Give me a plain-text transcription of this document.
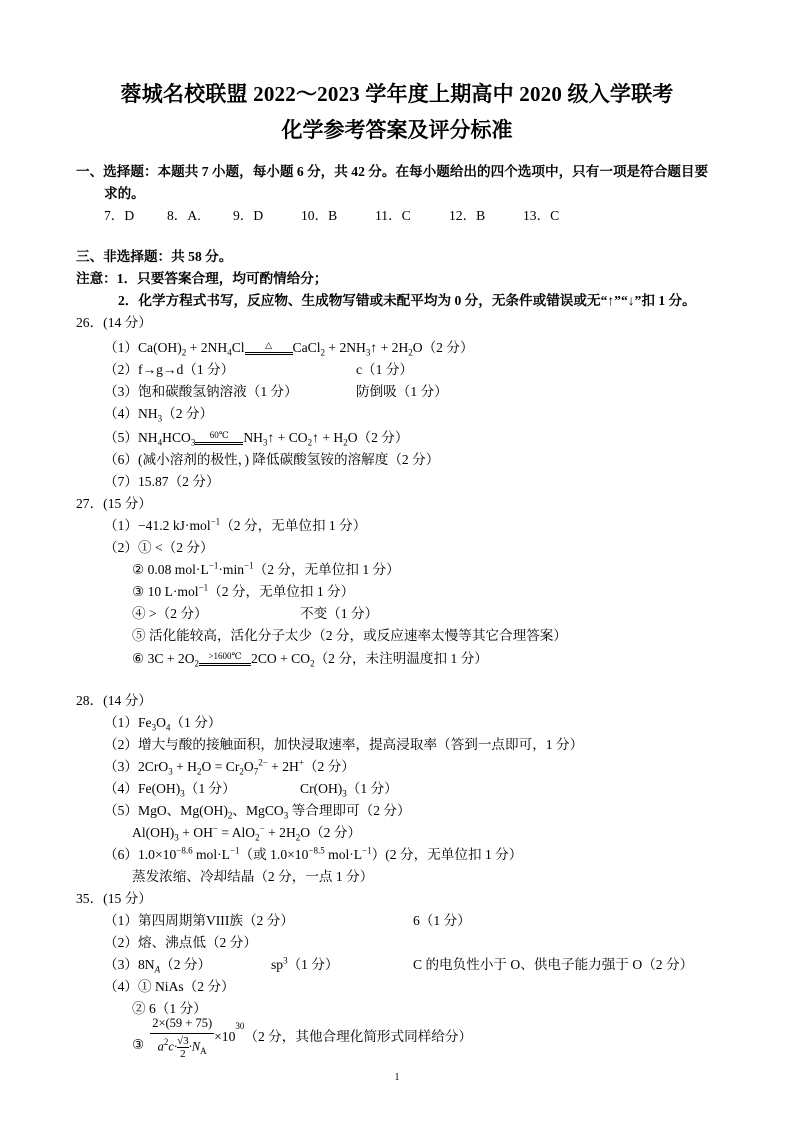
蓉城名校联盟 2022～2023 学年度上期高中 2020 级入学联考
化学参考答案及评分标准
一、选择题：本题共 7 小题，每小题 6 分，共 42 分。在每小题给出的四个选项中，只有一项是符合题目要
求的。
7．D 8．A. 9．D	10．B	11．C	12．B	13．C
三、非选择题：共 58 分。
注意：1．只要答案合理，均可酌情给分；
2．化学方程式书写，反应物、生成物写错或未配平均为 0 分，无条件或错误或无“↑”“↓”扣 1 分。
26．(14 分）
$(1)Ca(OH)_2 + 2NH_4Cl$	△	CaCl$_2$ + $2NH_3↑ + 2H_2O(2$ 分）
（2）f→g→d（1 分）	c（1 分）
（3）饱和碳酸氢钠溶液（1 分）	防倒吸（1 分）
$(4)NH_3(2$ 分）
$(5)NH_4HCO_3$
60℃	$NH_3↑$ + $CO_2↑ + H_2O(2$ 分）
（6）(减小溶剂的极性，) 降低碳酸氢铵的溶解度（2 分）
（7）15.87（2 分）
27．(15 分）
（1）−41.2 kJ·mol$^{-1}$（2 分，无单位扣 1 分）
（2）① <（2 分）
② 0.08 $mol\cdot L^{-1}\cdot\min^{-1}(2$ 分，无单位扣 1 分）
③ 10 L·mol$^{-1}$（2 分，无单位扣 1 分）
④ >（2 分）	不变（1 分）
⑤ 活化能较高，活化分子太少（2 分，或反应速率太慢等其它合理答案）
⑥ $3C + 2O_2$
>1600℃ $2CO + CO_2(2$ 分，未注明温度扣 1 分）
28．(14 分）
$(1)Fe_3O_4(1$ 分）
（2）增大与酸的接触面积，加快浸取速率，提高浸取率（答到一点即可，1 分）
$(3)2CrO_3 + H_2O = Cr_2O_7^{2-} + 2H^+(2$ 分）
$(4)Fe(OH)_3(1$ 分）	$Cr(OH)_3(1$ 分）
（5）MgO、$Mg(OH)_2$、MgCO$_3$ 等合理即可（2 分）
$Al(OH)_3 + OH^- = AlO_2^- + 2H_2O(2$ 分）
$(6)1.0\times 10^{-8.6}$ $mol\cdot L^{-1}$（或 $1.0\times 10^{-8.5}$ $mol\cdot L^{-1})(2$ 分，无单位扣 1 分）
蒸发浓缩、冷却结晶（2 分，一点 1 分）
35．(15 分）
（1）第四周期第VIII族（2 分）	6（1 分）
（2）熔、沸点低（2 分）
$(3)8N_A(2$ 分）	$sp^3(1$ 分）	C 的电负性小于 O、供电子能力强于 O（2 分）
（4）① NiAs（2 分）
② 6（1 分）
③ $\frac{2\times(59 + 75)}{a^2c\cdot \frac{√3}{2}\cdot N_A} \times 10^{30}(2$ 分，其他合理化简形式同样给分）
1
